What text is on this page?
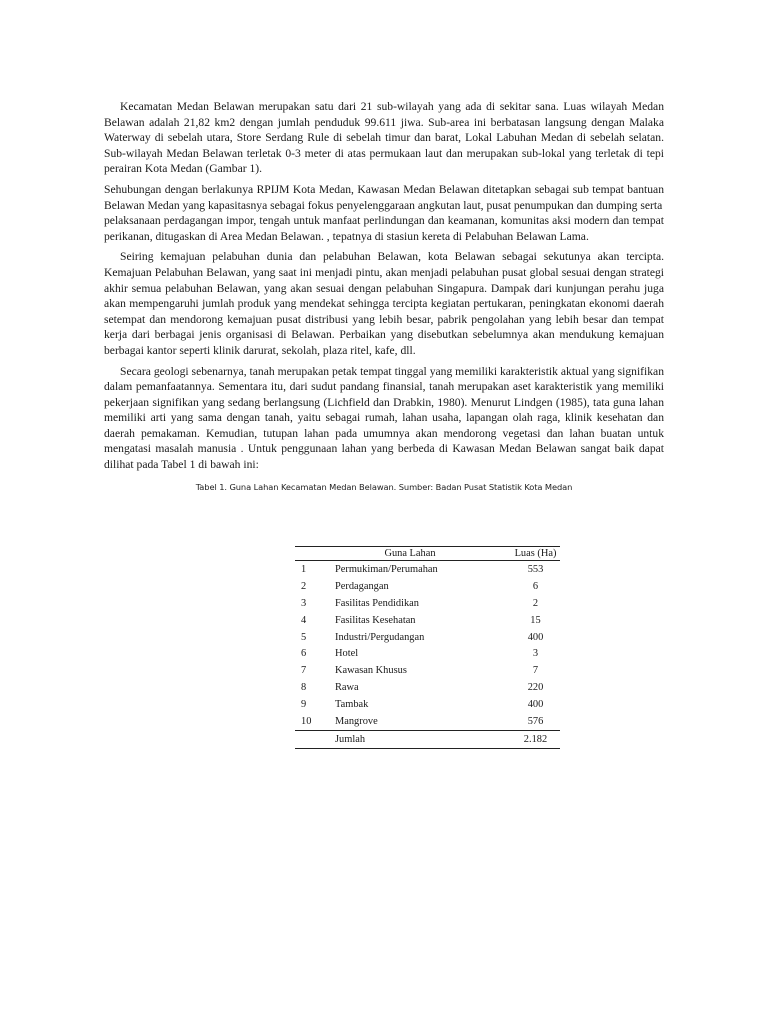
Kecamatan Medan Belawan merupakan satu dari 21 sub-wilayah yang ada di sekitar sana. Luas wilayah Medan Belawan adalah 21,82 km2 dengan jumlah penduduk 99.611 jiwa. Sub-area ini berbatasan langsung dengan Malaka Waterway di sebelah utara, Store Serdang Rule di sebelah timur dan barat, Lokal Labuhan Medan di sebelah selatan. Sub-wilayah Medan Belawan terletak 0-3 meter di atas permukaan laut dan merupakan sub-lokal yang terletak di tepi perairan Kota Medan (Gambar 1).

Sehubungan dengan berlakunya RPIJM Kota Medan, Kawasan Medan Belawan ditetapkan sebagai sub tempat bantuan Belawan Medan yang kapasitasnya sebagai fokus penyelenggaraan angkutan laut, pusat penumpukan dan dumping serta

pelaksanaan perdagangan impor, tengah untuk manfaat perlindungan dan keamanan, komunitas aksi modern dan tempat perikanan, ditugaskan di Area Medan Belawan. , tepatnya di stasiun kereta di Pelabuhan Belawan Lama.

Seiring kemajuan pelabuhan dunia dan pelabuhan Belawan, kota Belawan sebagai sekutunya akan tercipta. Kemajuan Pelabuhan Belawan, yang saat ini menjadi pintu, akan menjadi pelabuhan pusat global sesuai dengan strategi akhir semua pelabuhan Belawan, yang akan sesuai dengan pelabuhan Singapura. Dampak dari kunjungan perahu juga akan mempengaruhi jumlah produk yang mendekat sehingga tercipta kegiatan pertukaran, peningkatan ekonomi daerah setempat dan mendorong kemajuan pusat distribusi yang lebih besar, pabrik pengolahan yang lebih besar dan tempat kerja dari berbagai jenis organisasi di Belawan. Perbaikan yang disebutkan sebelumnya akan mendukung kemajuan berbagai kantor seperti klinik darurat, sekolah, plaza ritel, kafe, dll.

Secara geologi sebenarnya, tanah merupakan petak tempat tinggal yang memiliki karakteristik aktual yang signifikan dalam pemanfaatannya. Sementara itu, dari sudut pandang finansial, tanah merupakan aset karakteristik yang memiliki pekerjaan signifikan yang sedang berlangsung (Lichfield dan Drabkin, 1980). Menurut Lindgen (1985), tata guna lahan memiliki arti yang sama dengan tanah, yaitu sebagai rumah, lahan usaha, lapangan olah raga, klinik kesehatan dan daerah pemakaman. Kemudian, tutupan lahan pada umumnya akan mendorong vegetasi dan lahan buatan untuk mengatasi masalah manusia . Untuk penggunaan lahan yang berbeda di Kawasan Medan Belawan sangat baik dapat dilihat pada Tabel 1 di bawah ini:

Tabel 1. Guna Lahan Kecamatan Medan Belawan. Sumber: Badan Pusat Statistik Kota Medan

	Guna Lahan	Luas (Ha)
1	Permukiman/Perumahan	553
2	Perdagangan	6
3	Fasilitas Pendidikan	2
4	Fasilitas Kesehatan	15
5	Industri/Pergudangan	400
6	Hotel	3
7	Kawasan Khusus	7
8	Rawa	220
9	Tambak	400
10	Mangrove	576
	Jumlah	2.182
